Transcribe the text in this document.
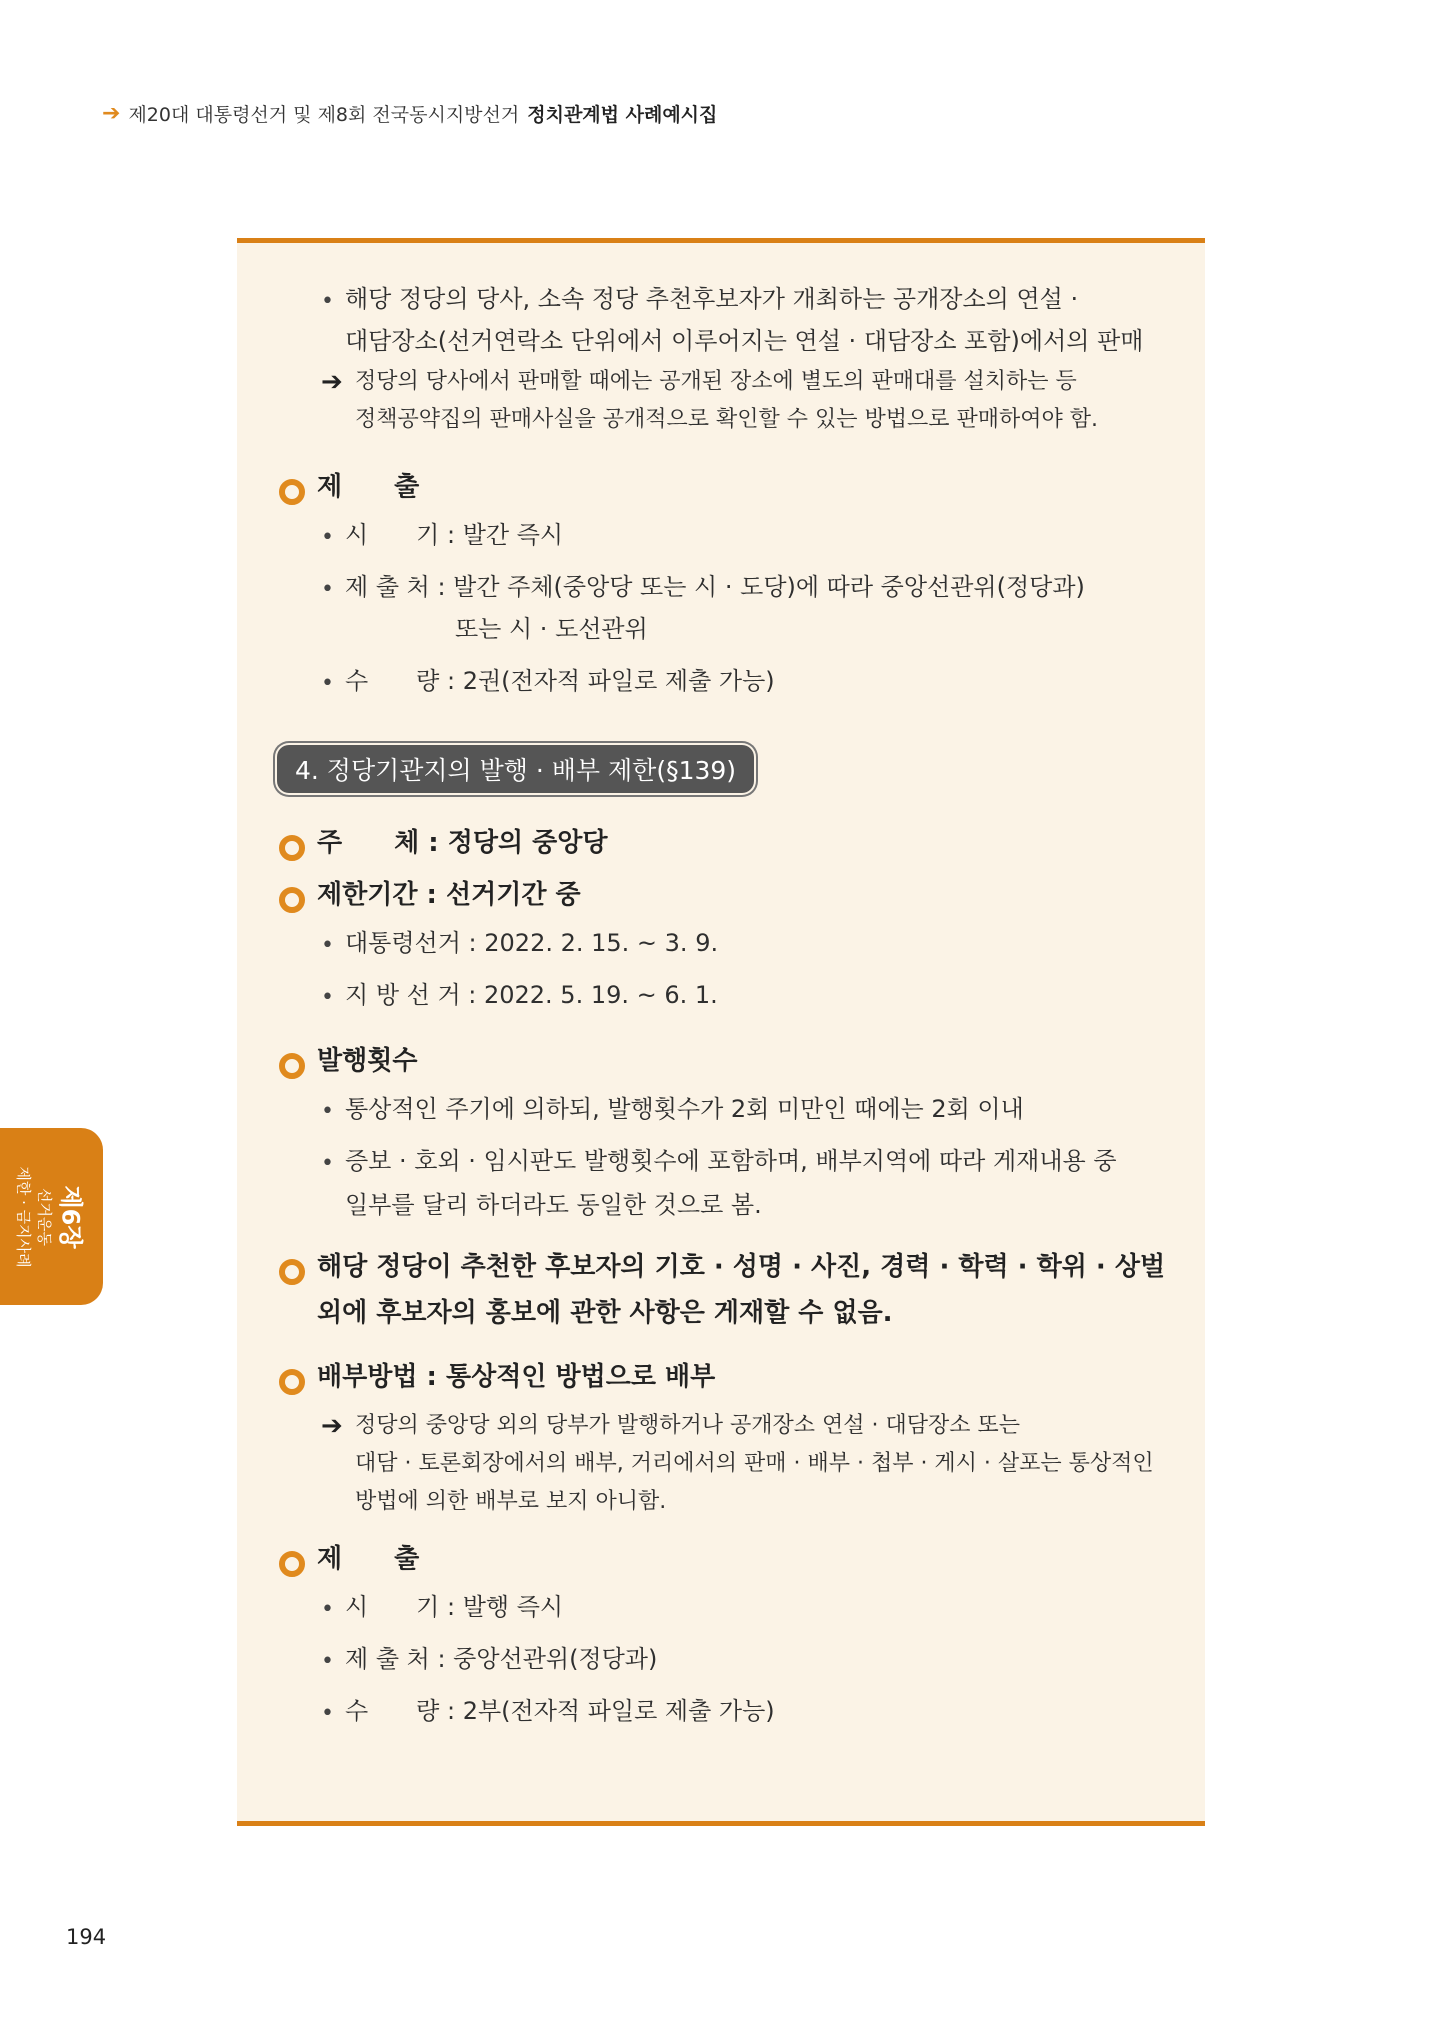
➔ 제20대 대통령선거 및 제8회 전국동시지방선거 정치관계법 사례예시집
• 해당 정당의 당사, 소속 정당 추천후보자가 개최하는 공개장소의 연설 ·
대담장소(선거연락소 단위에서 이루어지는 연설 · 대담장소 포함)에서의 판매
➔ 정당의 당사에서 판매할 때에는 공개된 장소에 별도의 판매대를 설치하는 등
정책공약집의 판매사실을 공개적으로 확인할 수 있는 방법으로 판매하여야 함.
제　　출
• 시　　기 : 발간 즉시
• 제 출 처 : 발간 주체(중앙당 또는 시 · 도당)에 따라 중앙선관위(정당과)
또는 시 · 도선관위
• 수　　량 : 2권(전자적 파일로 제출 가능)
4. 정당기관지의 발행 · 배부 제한(§139)
주　　체 : 정당의 중앙당
제한기간 : 선거기간 중
• 대통령선거 : 2022. 2. 15. ~ 3. 9.
• 지 방 선 거 : 2022. 5. 19. ~ 6. 1.
발행횟수
• 통상적인 주기에 의하되, 발행횟수가 2회 미만인 때에는 2회 이내
• 증보 · 호외 · 임시판도 발행횟수에 포함하며, 배부지역에 따라 게재내용 중
일부를 달리 하더라도 동일한 것으로 봄.
해당 정당이 추천한 후보자의 기호 · 성명 · 사진, 경력 · 학력 · 학위 · 상벌
외에 후보자의 홍보에 관한 사항은 게재할 수 없음.
배부방법 : 통상적인 방법으로 배부
➔ 정당의 중앙당 외의 당부가 발행하거나 공개장소 연설 · 대담장소 또는
대담 · 토론회장에서의 배부, 거리에서의 판매 · 배부 · 첩부 · 게시 · 살포는 통상적인
방법에 의한 배부로 보지 아니함.
제　　출
• 시　　기 : 발행 즉시
• 제 출 처 : 중앙선관위(정당과)
• 수　　량 : 2부(전자적 파일로 제출 가능)
제6장
선거운동
제한 · 금지사례
194
